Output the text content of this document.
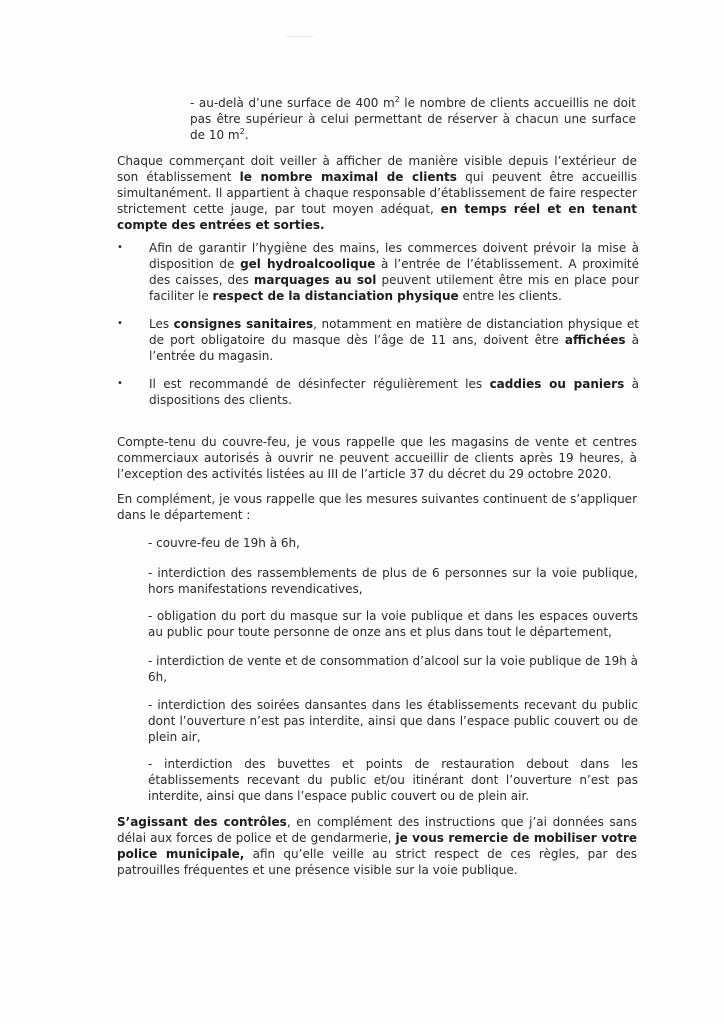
- au-delà d’une surface de 400 $m^2$ le nombre de clients accueillis ne doit pas être supérieur à celui permettant de réserver à chacun une surface de 10 $m^2$.

Chaque commerçant doit veiller à afficher de manière visible depuis l’extérieur de son établissement le nombre maximal de clients qui peuvent être accueillis simultanément. Il appartient à chaque responsable d’établissement de faire respecter strictement cette jauge, par tout moyen adéquat, en temps réel et en tenant compte des entrées et sorties.

• Afin de garantir l’hygiène des mains, les commerces doivent prévoir la mise à disposition de gel hydroalcoolique à l’entrée de l’établissement. A proximité des caisses, des marquages au sol peuvent utilement être mis en place pour faciliter le respect de la distanciation physique entre les clients.

• Les consignes sanitaires, notamment en matière de distanciation physique et de port obligatoire du masque dès l’âge de 11 ans, doivent être affichées à l’entrée du magasin.

• Il est recommandé de désinfecter régulièrement les caddies ou paniers à dispositions des clients.

Compte-tenu du couvre-feu, je vous rappelle que les magasins de vente et centres commerciaux autorisés à ouvrir ne peuvent accueillir de clients après 19 heures, à l’exception des activités listées au III de l’article 37 du décret du 29 octobre 2020.

En complément, je vous rappelle que les mesures suivantes continuent de s’appliquer dans le département :

- couvre-feu de 19h à 6h,

- interdiction des rassemblements de plus de 6 personnes sur la voie publique, hors manifestations revendicatives,

- obligation du port du masque sur la voie publique et dans les espaces ouverts au public pour toute personne de onze ans et plus dans tout le département,

- interdiction de vente et de consommation d’alcool sur la voie publique de 19h à 6h,

- interdiction des soirées dansantes dans les établissements recevant du public dont l’ouverture n’est pas interdite, ainsi que dans l’espace public couvert ou de plein air,

- interdiction des buvettes et points de restauration debout dans les établissements recevant du public et/ou itinérant dont l’ouverture n’est pas interdite, ainsi que dans l’espace public couvert ou de plein air.

S’agissant des contrôles, en complément des instructions que j’ai données sans délai aux forces de police et de gendarmerie, je vous remercie de mobiliser votre police municipale, afin qu’elle veille au strict respect de ces règles, par des patrouilles fréquentes et une présence visible sur la voie publique.
